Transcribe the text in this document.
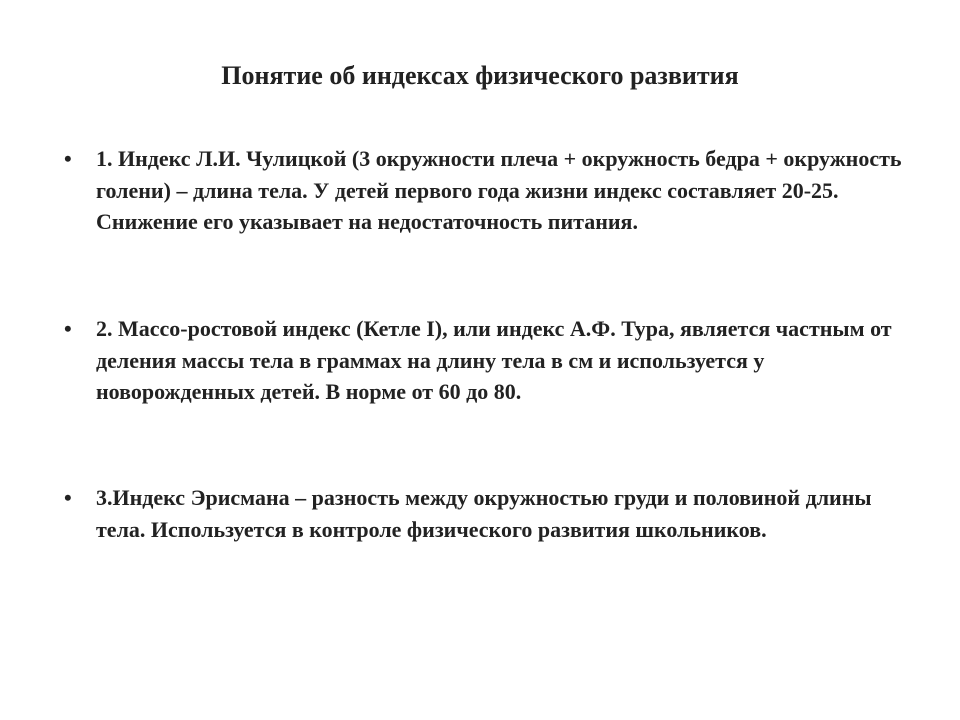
Понятие об индексах физического развития
• 1. Индекс Л.И. Чулицкой (3 окружности плеча + окружность бедра + окружность голени) – длина тела. У детей первого года жизни индекс составляет 20-25. Снижение его указывает на недостаточность питания.
• 2. Массо-ростовой индекс (Кетле I), или индекс А.Ф. Тура, является частным от деления массы тела в граммах на длину тела в см и используется у новорожденных детей. В норме от 60 до 80.
• 3.Индекс Эрисмана – разность между окружностью груди и половиной длины тела. Используется в контроле физического развития школьников.
